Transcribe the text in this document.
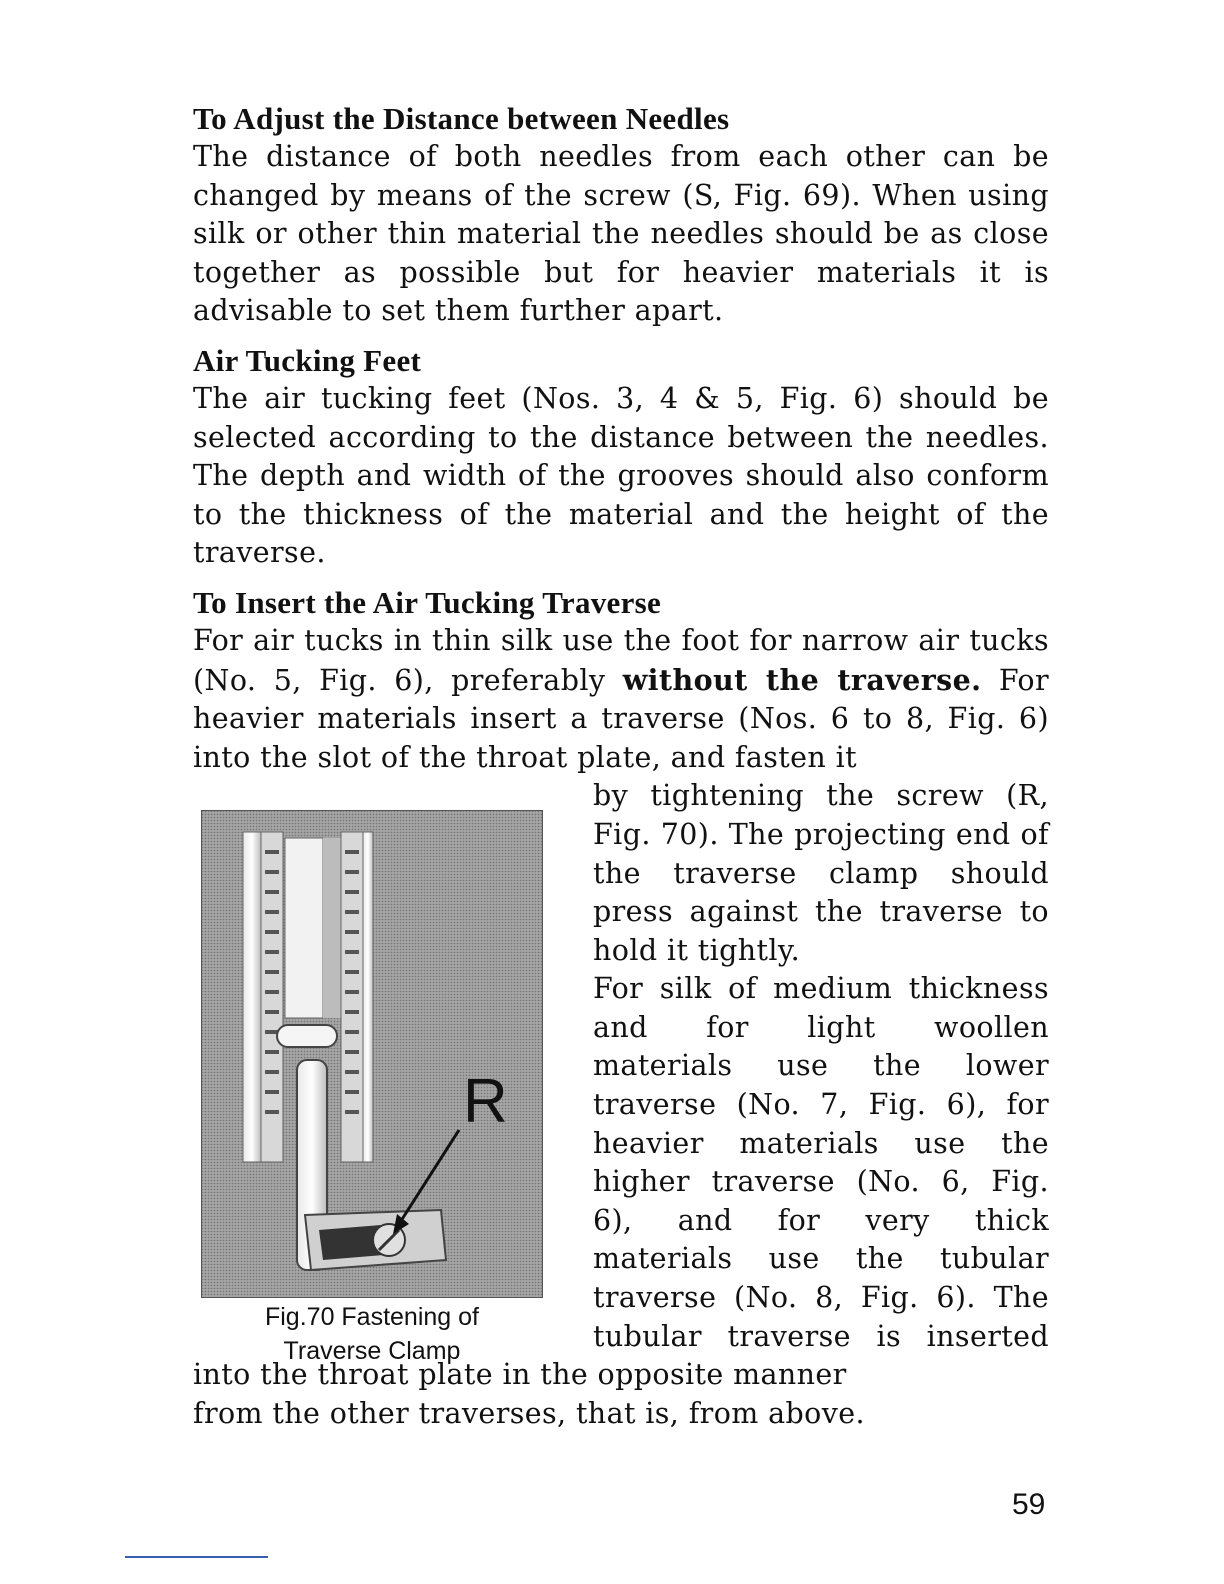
To Adjust the Distance between Needles

The distance of both needles from each other can be changed by means of the screw (S, Fig. 69). When using silk or other thin material the needles should be as close together as possible but for heavier materials it is advisable to set them further apart.

Air Tucking Feet

The air tucking feet (Nos. 3, 4 & 5, Fig. 6) should be selected according to the distance between the needles. The depth and width of the grooves should also conform to the thickness of the material and the height of the traverse.

To Insert the Air Tucking Traverse

For air tucks in thin silk use the foot for narrow air tucks (No. 5, Fig. 6), preferably without the traverse. For heavier materials insert a traverse (Nos. 6 to 8, Fig. 6) into the slot of the throat plate, and fasten it

R
Fig.70 Fastening of
Traverse Clamp

by tightening the screw (R, Fig. 70). The projecting end of the traverse clamp should press against the traverse to hold it tightly.

For silk of medium thickness and for light woollen materials use the lower traverse (No. 7, Fig. 6), for heavier materials use the higher traverse (No. 6, Fig. 6), and for very thick materials use the tubular traverse (No. 8, Fig. 6). The tubular traverse is inserted into the throat plate in the opposite manner

from the other traverses, that is, from above.

59
